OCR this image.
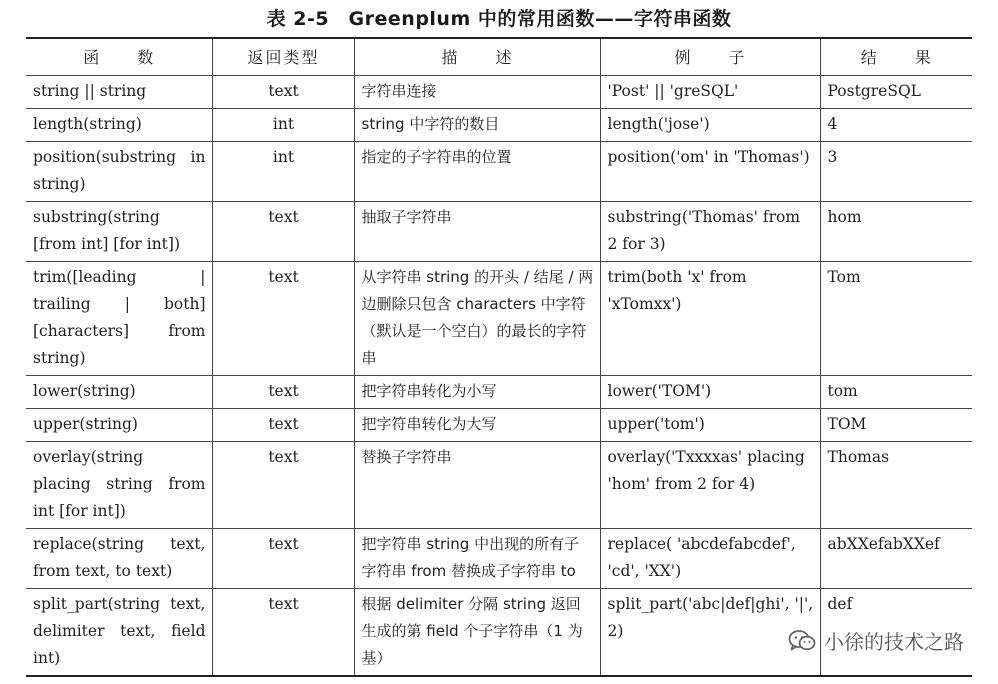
表 2-5　Greenplum 中的常用函数——字符串函数
函　　数	返回类型	描　　述	例　　子	结　　果
string || string	text	字符串连接	'Post' || 'greSQL'	PostgreSQL
length(string)	int	string 中字符的数目	length('jose')	4
position(substring in string)	int	指定的子字符串的位置	position('om' in 'Thomas')	3
substring(string [from int] [for int])	text	抽取子字符串	substring('Thomas' from 2 for 3)	hom
trim([leading | trailing | both] [characters] from string)	text	从字符串 string 的开头 / 结尾 / 两边删除只包含 characters 中字符（默认是一个空白）的最长的字符串	trim(both 'x' from 'xTomxx')	Tom
lower(string)	text	把字符串转化为小写	lower('TOM')	tom
upper(string)	text	把字符串转化为大写	upper('tom')	TOM
overlay(string placing string from int [for int])	text	替换子字符串	overlay('Txxxxas' placing 'hom' from 2 for 4)	Thomas
replace(string text, from text, to text)	text	把字符串 string 中出现的所有子字符串 from 替换成子字符串 to	replace( 'abcdefabcdef', 'cd', 'XX')	abXXefabXXef
split_part(string text, delimiter text, field int)	text	根据 delimiter 分隔 string 返回生成的第 field 个子字符串（1 为基）	split_part('abc|def|ghi', '|', 2)	def
小徐的技术之路
